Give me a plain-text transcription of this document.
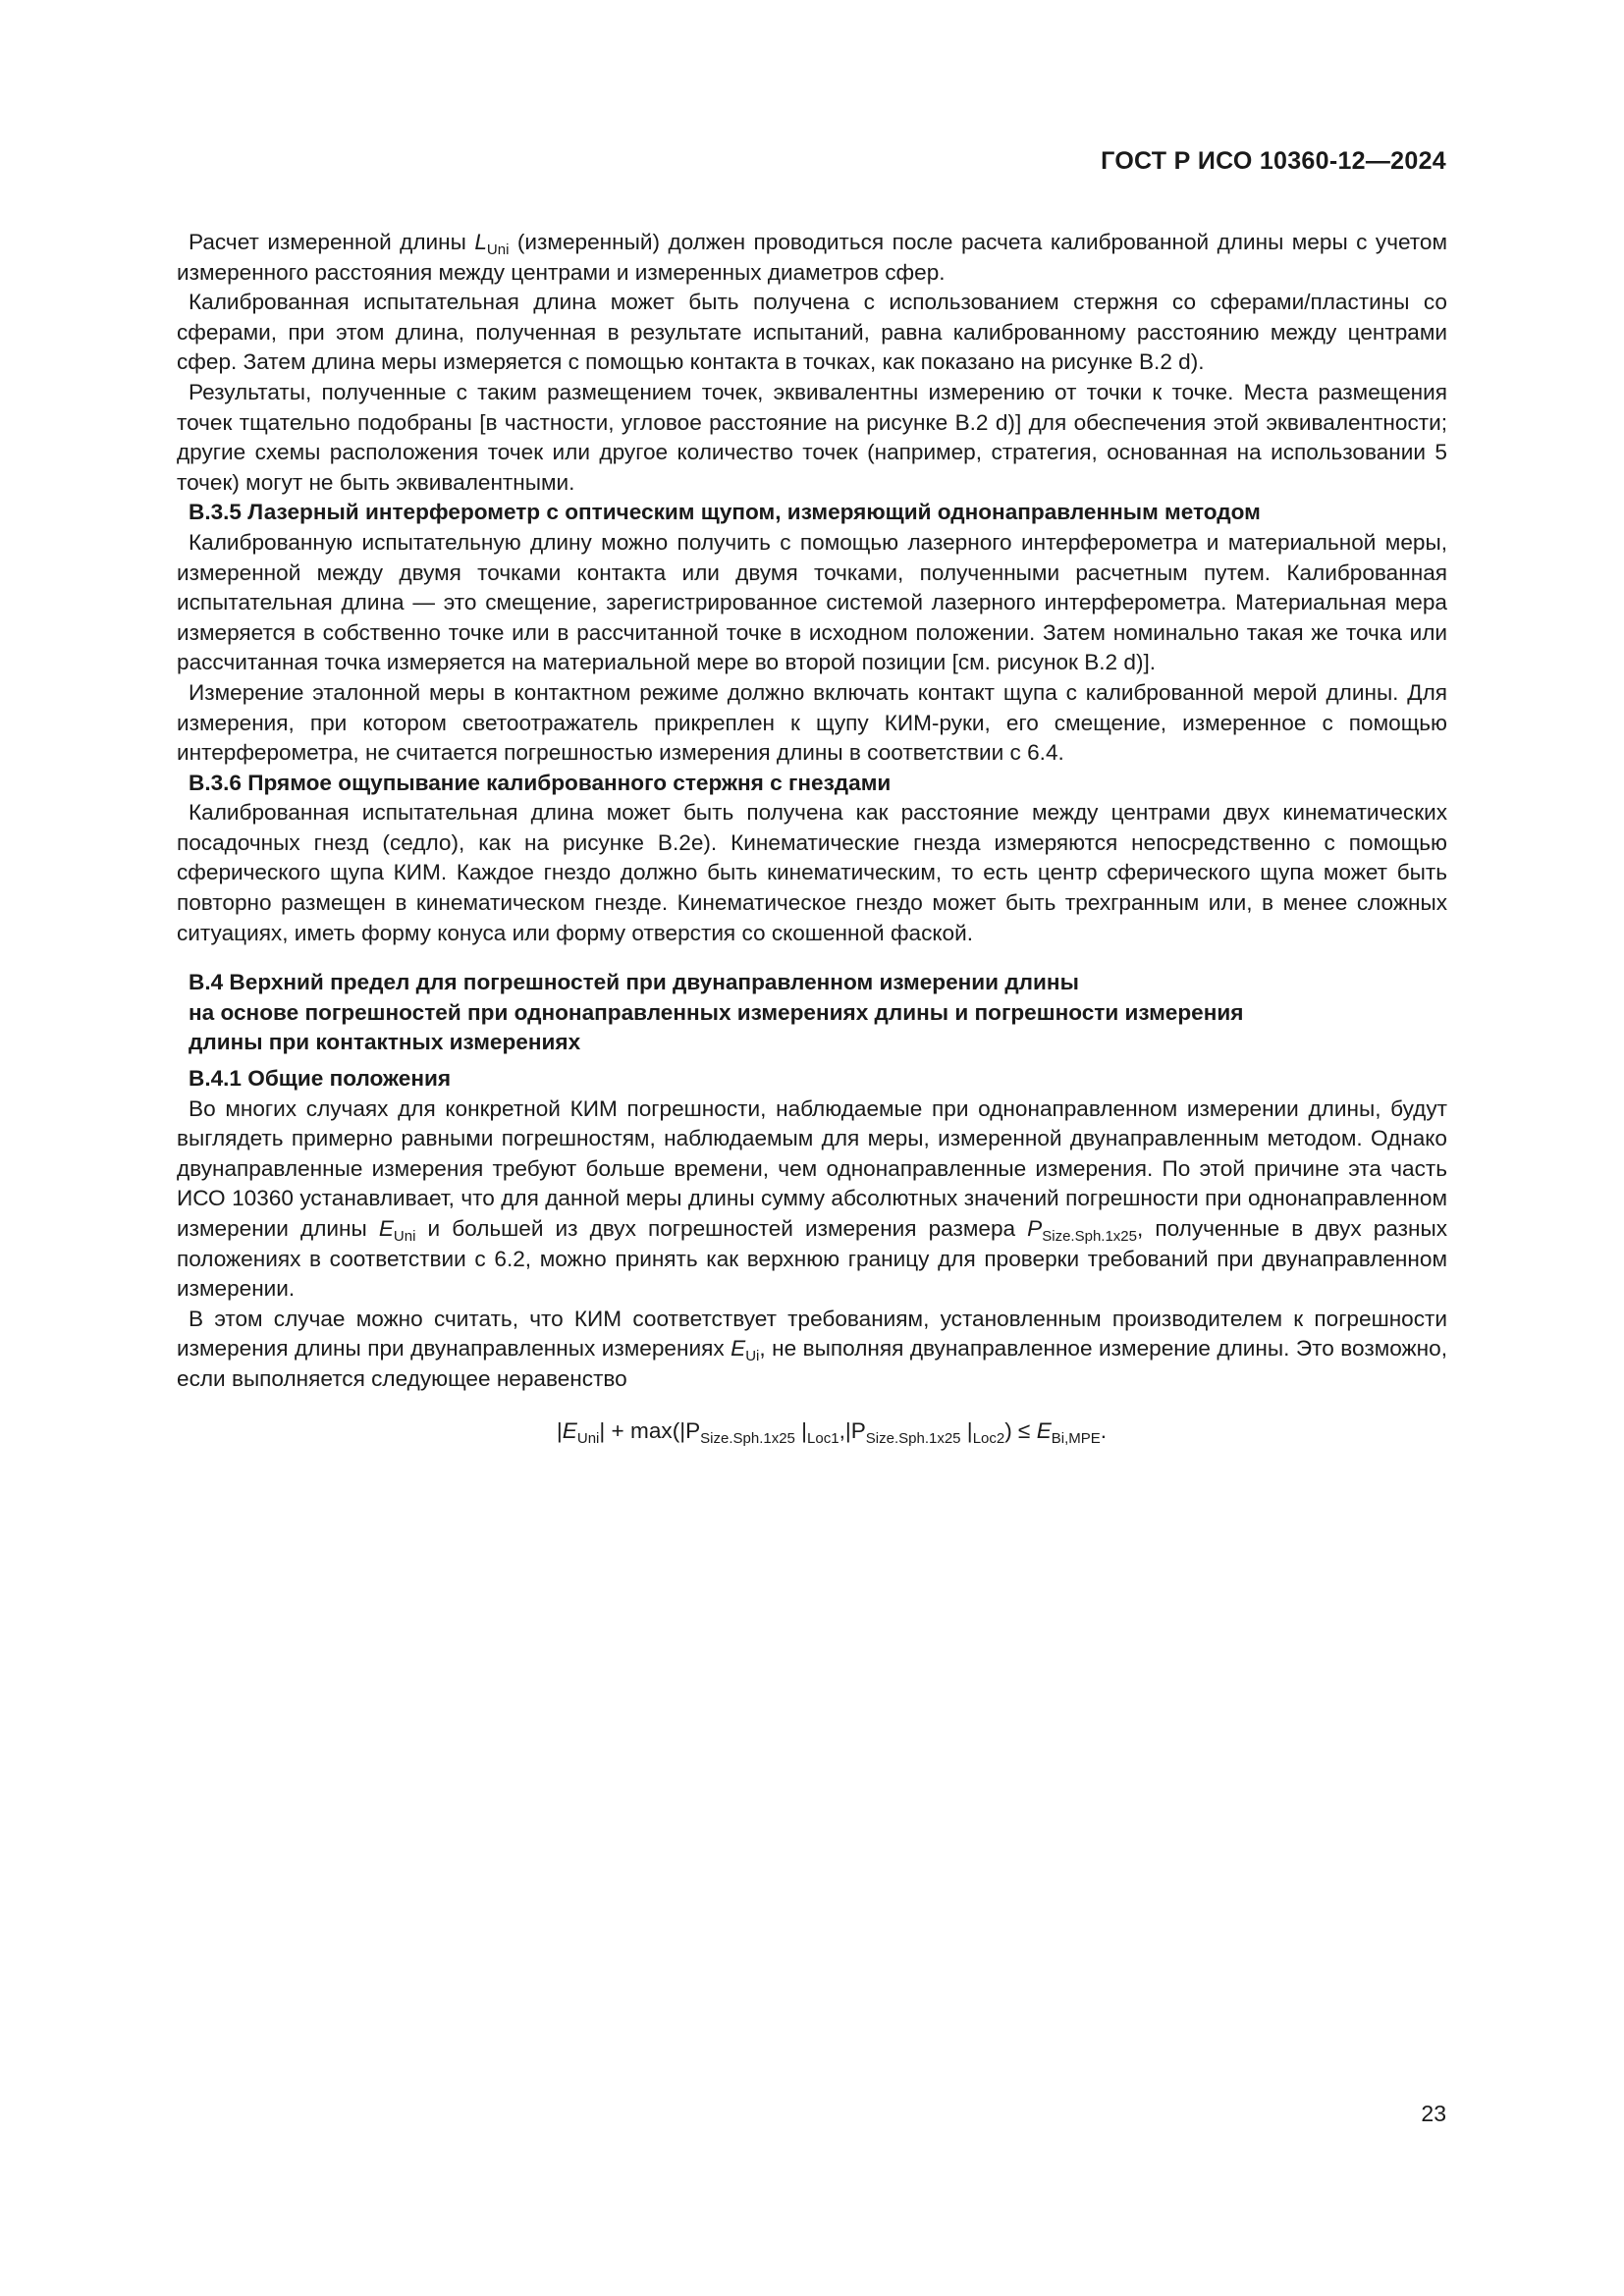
ГОСТ Р ИСО 10360-12—2024

Расчет измеренной длины $L_{Uni}$ (измеренный) должен проводиться после расчета калиброванной длины меры с учетом измеренного расстояния между центрами и измеренных диаметров сфер.

Калиброванная испытательная длина может быть получена с использованием стержня со сферами/пластины со сферами, при этом длина, полученная в результате испытаний, равна калиброванному расстоянию между центрами сфер. Затем длина меры измеряется с помощью контакта в точках, как показано на рисунке В.2 d).

Результаты, полученные с таким размещением точек, эквивалентны измерению от точки к точке. Места размещения точек тщательно подобраны [в частности, угловое расстояние на рисунке В.2 d)] для обеспечения этой эквивалентности; другие схемы расположения точек или другое количество точек (например, стратегия, основанная на использовании 5 точек) могут не быть эквивалентными.

В.3.5 Лазерный интерферометр с оптическим щупом, измеряющий однонаправленным методом

Калиброванную испытательную длину можно получить с помощью лазерного интерферометра и материальной меры, измеренной между двумя точками контакта или двумя точками, полученными расчетным путем. Калиброванная испытательная длина — это смещение, зарегистрированное системой лазерного интерферометра. Материальная мера измеряется в собственно точке или в рассчитанной точке в исходном положении. Затем номинально такая же точка или рассчитанная точка измеряется на материальной мере во второй позиции [см. рисунок В.2 d)].

Измерение эталонной меры в контактном режиме должно включать контакт щупа с калиброванной мерой длины. Для измерения, при котором светоотражатель прикреплен к щупу КИМ-руки, его смещение, измеренное с помощью интерферометра, не считается погрешностью измерения длины в соответствии с 6.4.

В.3.6 Прямое ощупывание калиброванного стержня с гнездами

Калиброванная испытательная длина может быть получена как расстояние между центрами двух кинематических посадочных гнезд (седло), как на рисунке В.2е). Кинематические гнезда измеряются непосредственно с помощью сферического щупа КИМ. Каждое гнездо должно быть кинематическим, то есть центр сферического щупа может быть повторно размещен в кинематическом гнезде. Кинематическое гнездо может быть трехгранным или, в менее сложных ситуациях, иметь форму конуса или форму отверстия со скошенной фаской.

В.4 Верхний предел для погрешностей при двунаправленном измерении длины
на основе погрешностей при однонаправленных измерениях длины и погрешности измерения
длины при контактных измерениях

В.4.1 Общие положения

Во многих случаях для конкретной КИМ погрешности, наблюдаемые при однонаправленном измерении длины, будут выглядеть примерно равными погрешностям, наблюдаемым для меры, измеренной двунаправленным методом. Однако двунаправленные измерения требуют больше времени, чем однонаправленные измерения. По этой причине эта часть ИСО 10360 устанавливает, что для данной меры длины сумму абсолютных значений погрешности при однонаправленном измерении длины $E_{Uni}$ и большей из двух погрешностей измерения размера $P_{Size.Sph.1x25}$, полученные в двух разных положениях в соответствии с 6.2, можно принять как верхнюю границу для проверки требований при двунаправленном измерении.

В этом случае можно считать, что КИМ соответствует требованиям, установленным производителем к погрешности измерения длины при двунаправленных измерениях $E_{Ui}$, не выполняя двунаправленное измерение длины. Это возможно, если выполняется следующее неравенство

$|E_{Uni}| + \max(|P_{Size.Sph.1x25}$ $|_{Loc1},|P_{Size.Sph.1x25}$ $|_{Loc2}) \le E_{Bi,MPE}$.
23
